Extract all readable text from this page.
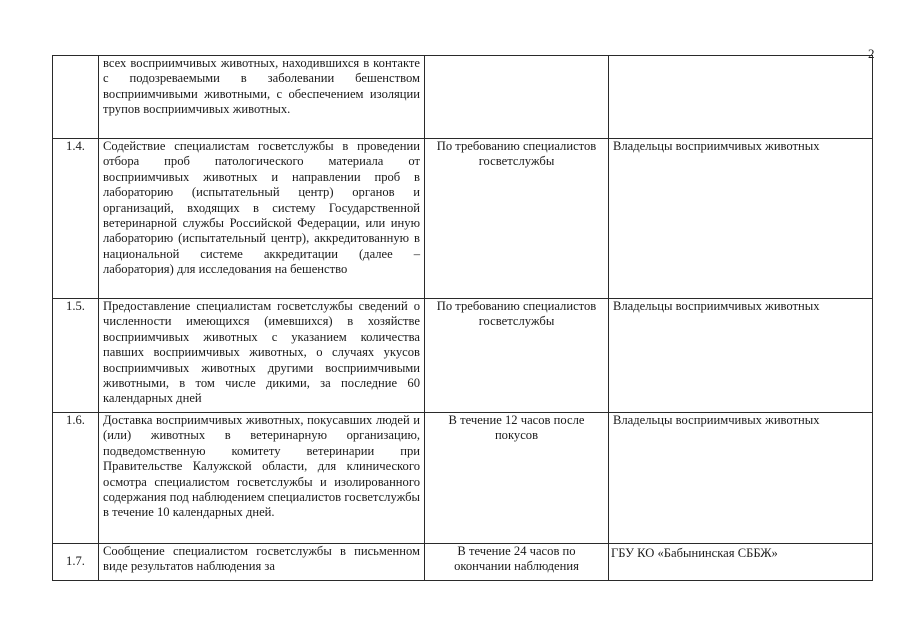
2
	всех восприимчивых животных, находившихся в контакте с подозреваемыми в заболевании бешенством восприимчивыми животными, с обеспечением изоляции трупов восприимчивых животных.		
1.4.	Содействие специалистам госветслужбы в проведении отбора проб патологического материала от восприимчивых животных и направлении проб в лабораторию (испытательный центр) органов и организаций, входящих в систему Государственной ветеринарной службы Российской Федерации, или иную лабораторию (испытательный центр), аккредитованную в национальной системе аккредитации (далее – лаборатория) для исследования на бешенство	По требованию специалистов госветслужбы	Владельцы восприимчивых животных
1.5.	Предоставление специалистам госветслужбы сведений о численности имеющихся (имевшихся) в хозяйстве восприимчивых животных с указанием количества павших восприимчивых животных, о случаях укусов восприимчивых животных другими восприимчивыми животными, в том числе дикими, за последние 60 календарных дней	По требованию специалистов госветслужбы	Владельцы восприимчивых животных
1.6.	Доставка восприимчивых животных, покусавших людей и (или) животных в ветеринарную организацию, подведомственную комитету ветеринарии при Правительстве Калужской области, для клинического осмотра специалистом госветслужбы и изолированного содержания под наблюдением специалистов госветслужбы в течение 10 календарных дней.	В течение 12 часов после покусов	Владельцы восприимчивых животных
1.7.	Сообщение специалистом госветслужбы в письменном виде результатов наблюдения за	В течение 24 часов по окончании наблюдения	ГБУ КО «Бабынинская СББЖ»
